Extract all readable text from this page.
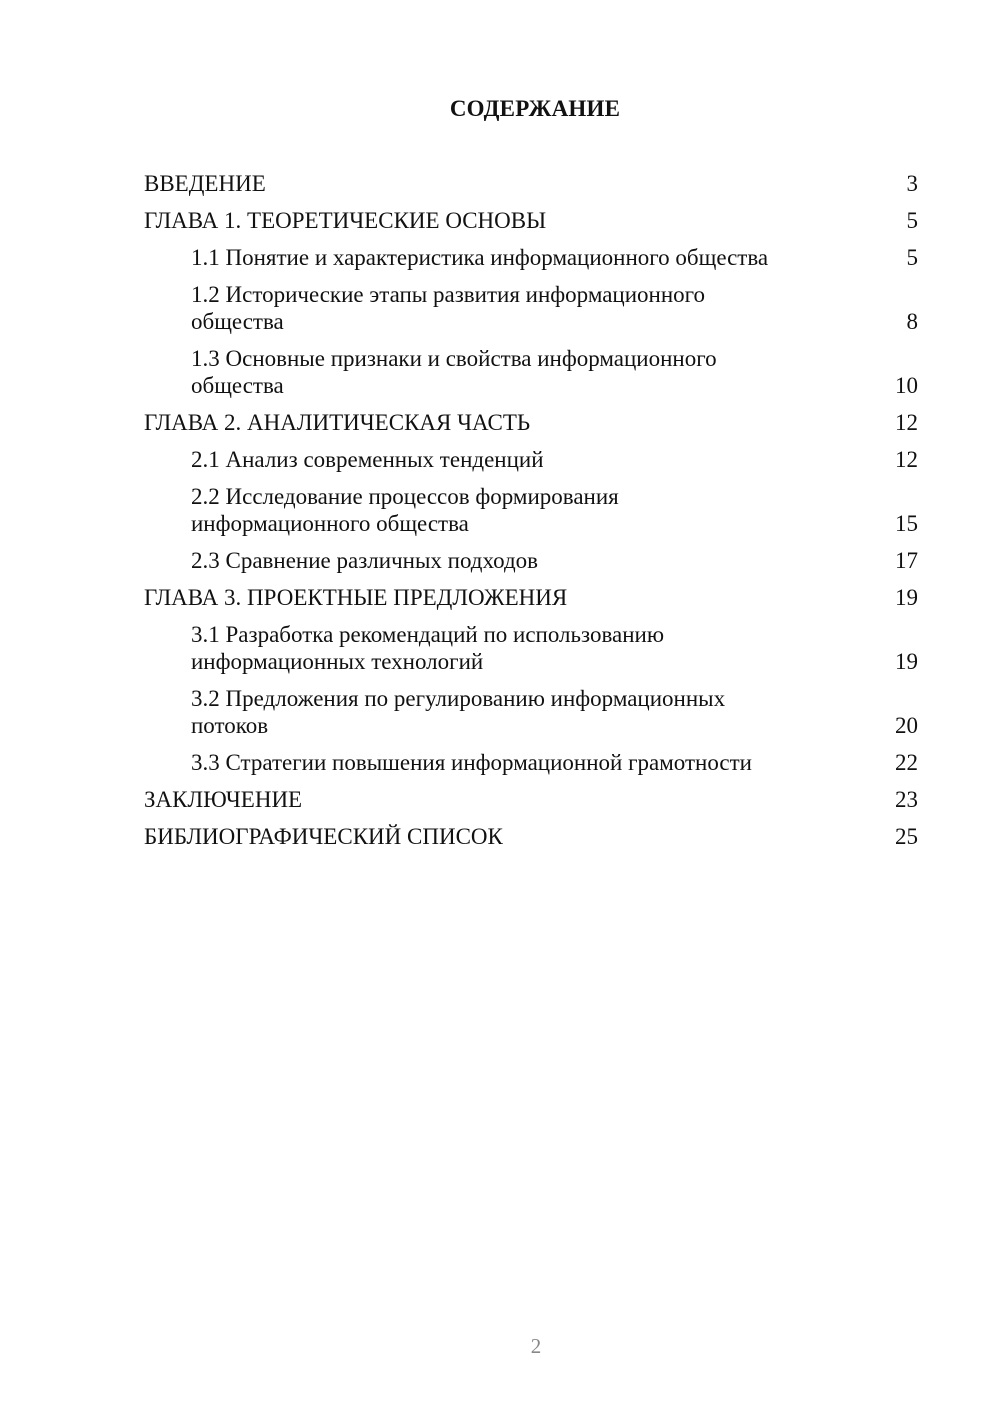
СОДЕРЖАНИЕ
ВВЕДЕНИЕ	3
ГЛАВА 1. ТЕОРЕТИЧЕСКИЕ ОСНОВЫ	5
1.1 Понятие и характеристика информационного общества	5
1.2 Исторические этапы развития информационного общества	8
1.3 Основные признаки и свойства информационного общества	10
ГЛАВА 2. АНАЛИТИЧЕСКАЯ ЧАСТЬ	12
2.1 Анализ современных тенденций	12
2.2 Исследование процессов формирования информационного общества	15
2.3 Сравнение различных подходов	17
ГЛАВА 3. ПРОЕКТНЫЕ ПРЕДЛОЖЕНИЯ	19
3.1 Разработка рекомендаций по использованию информационных технологий	19
3.2 Предложения по регулированию информационных потоков	20
3.3 Стратегии повышения информационной грамотности	22
ЗАКЛЮЧЕНИЕ	23
БИБЛИОГРАФИЧЕСКИЙ СПИСОК	25
2
